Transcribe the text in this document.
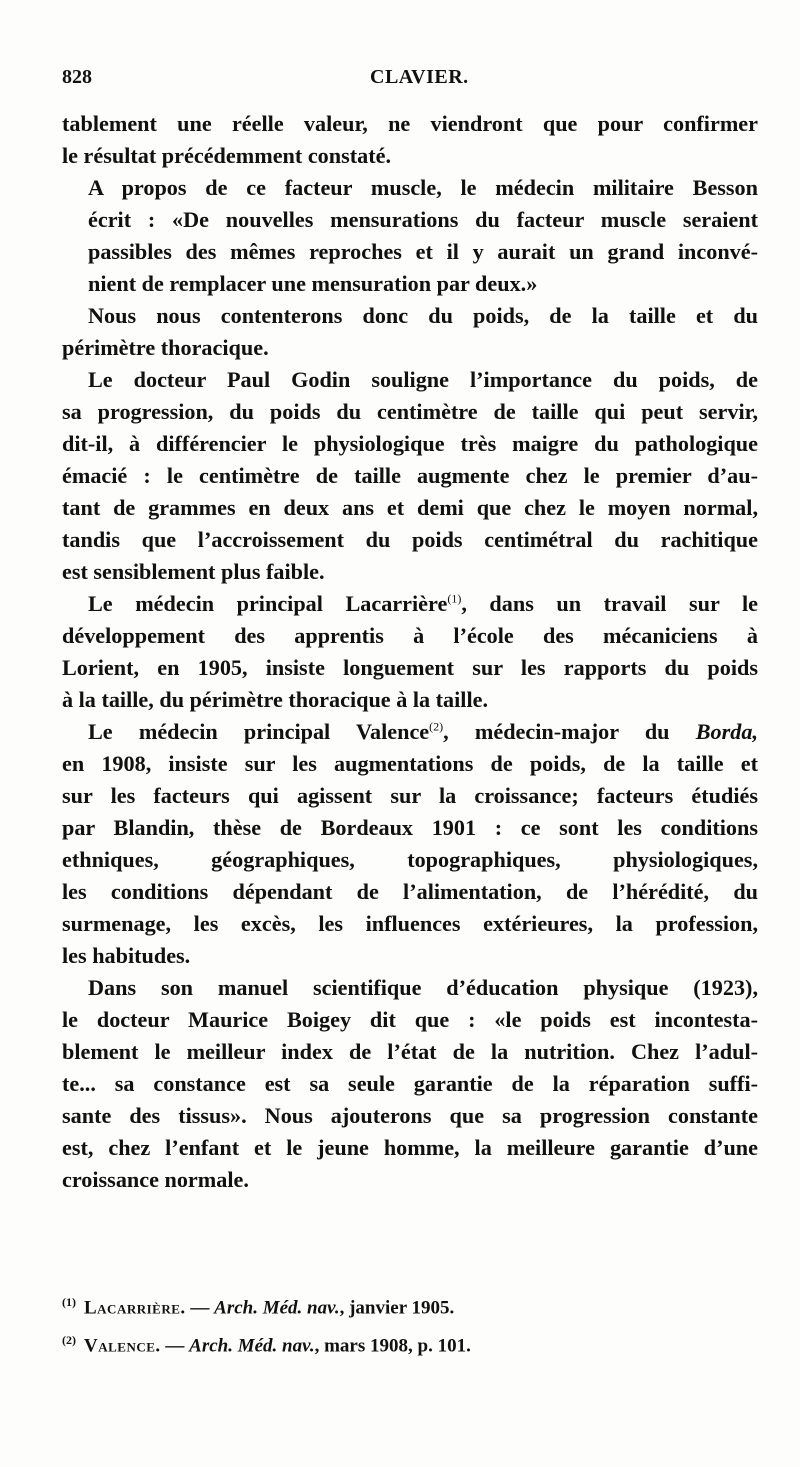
828	CLAVIER.

tablement une réelle valeur, ne viendront que pour confirmer
le résultat précédemment constaté.

A propos de ce facteur muscle, le médecin militaire Besson
écrit : «De nouvelles mensurations du facteur muscle seraient
passibles des mêmes reproches et il y aurait un grand inconvé-
nient de remplacer une mensuration par deux.»

Nous nous contenterons donc du poids, de la taille et du
périmètre thoracique.

Le docteur Paul Godin souligne l’importance du poids, de
sa progression, du poids du centimètre de taille qui peut servir,
dit-il, à différencier le physiologique très maigre du pathologique
émacié : le centimètre de taille augmente chez le premier d’au-
tant de grammes en deux ans et demi que chez le moyen normal,
tandis que l’accroissement du poids centimétral du rachitique
est sensiblement plus faible.

Le médecin principal Lacarrière$^{(1)}$, dans un travail sur le
développement des apprentis à l’école des mécaniciens à
Lorient, en 1905, insiste longuement sur les rapports du poids
à la taille, du périmètre thoracique à la taille.

Le médecin principal Valence$^{(2)}$, médecin-major du Borda,
en 1908, insiste sur les augmentations de poids, de la taille et
sur les facteurs qui agissent sur la croissance; facteurs étudiés
par Blandin, thèse de Bordeaux 1901 : ce sont les conditions
ethniques, géographiques, topographiques, physiologiques,
les conditions dépendant de l’alimentation, de l’hérédité, du
surmenage, les excès, les influences extérieures, la profession,
les habitudes.

Dans son manuel scientifique d’éducation physique (1923),
le docteur Maurice Boigey dit que : «le poids est incontesta-
blement le meilleur index de l’état de la nutrition. Chez l’adul-
te... sa constance est sa seule garantie de la réparation suffi-
sante des tissus». Nous ajouterons que sa progression constante
est, chez l’enfant et le jeune homme, la meilleure garantie d’une
croissance normale.

$^{(1)}$ Lacarrière. — Arch. Méd. nav., janvier 1905.
$^{(2)}$ Valence. — Arch. Méd. nav., mars 1908, p. 101.
